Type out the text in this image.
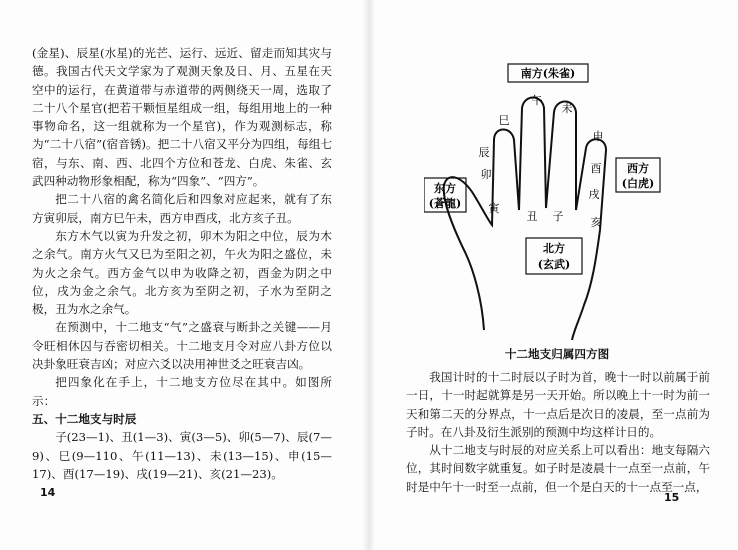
(金星)、辰星(水星)的光芒、运行、远近、留走而知其灾与德。我国古代天文学家为了观测天象及日、月、五星在天空中的运行，在黄道带与赤道带的两侧绕天一周，选取了二十八个星官(把若干颗恒星组成一组，每组用地上的一种事物命名，这一组就称为一个星官)，作为观测标志，称为“二十八宿”(宿音锈)。把二十八宿又平分为四组，每组七宿，与东、南、西、北四个方位和苍龙、白虎、朱雀、玄武四种动物形象相配，称为“四象”、“四方”。

把二十八宿的禽名简化后和四象对应起来，就有了东方寅卯辰，南方巳午未，西方申酉戌，北方亥子丑。

东方木气以寅为升发之初，卯木为阳之中位，辰为木之余气。南方火气又巳为至阳之初，午火为阳之盛位，未为火之余气。西方金气以申为收降之初，酉金为阴之中位，戌为金之余气。北方亥为至阴之初，子水为至阴之极，丑为水之余气。

在预测中，十二地支“气”之盛衰与断卦之关键——月令旺相休囚与吞密切相关。十二地支月令对应八卦方位以决卦象旺衰吉凶；对应六爻以决用神世爻之旺衰吉凶。

把四象化在手上，十二地支方位尽在其中。如图所示：

五、十二地支与时辰

子(23—1)、丑(1—3)、寅(3—5)、卯(5—7)、辰(7—9)、巳(9—110、午(11—13)、未(13—15)、申(15—17)、酉(17—19)、戌(19—21)、亥(21—23)。

14
南方(朱雀)
东方
(蒼龍)
西方
(白虎)
北方
(玄武)
午
未
巳
申
酉
戌
亥
子
丑
寅
卯
辰
十二地支归属四方图

我国计时的十二时辰以子时为首，晚十一时以前属于前一日，十一时起就算是另一天开始。所以晚上十一时为前一天和第二天的分界点，十一点后是次日的凌晨，至一点前为子时。在八卦及衍生派别的预测中均这样计日的。

从十二地支与时辰的对应关系上可以看出：地支每隔六位，其时间数字就重复。如子时是凌晨十一点至一点前，午时是中午十一时至一点前，但一个是白天的十一点至一点，

15
